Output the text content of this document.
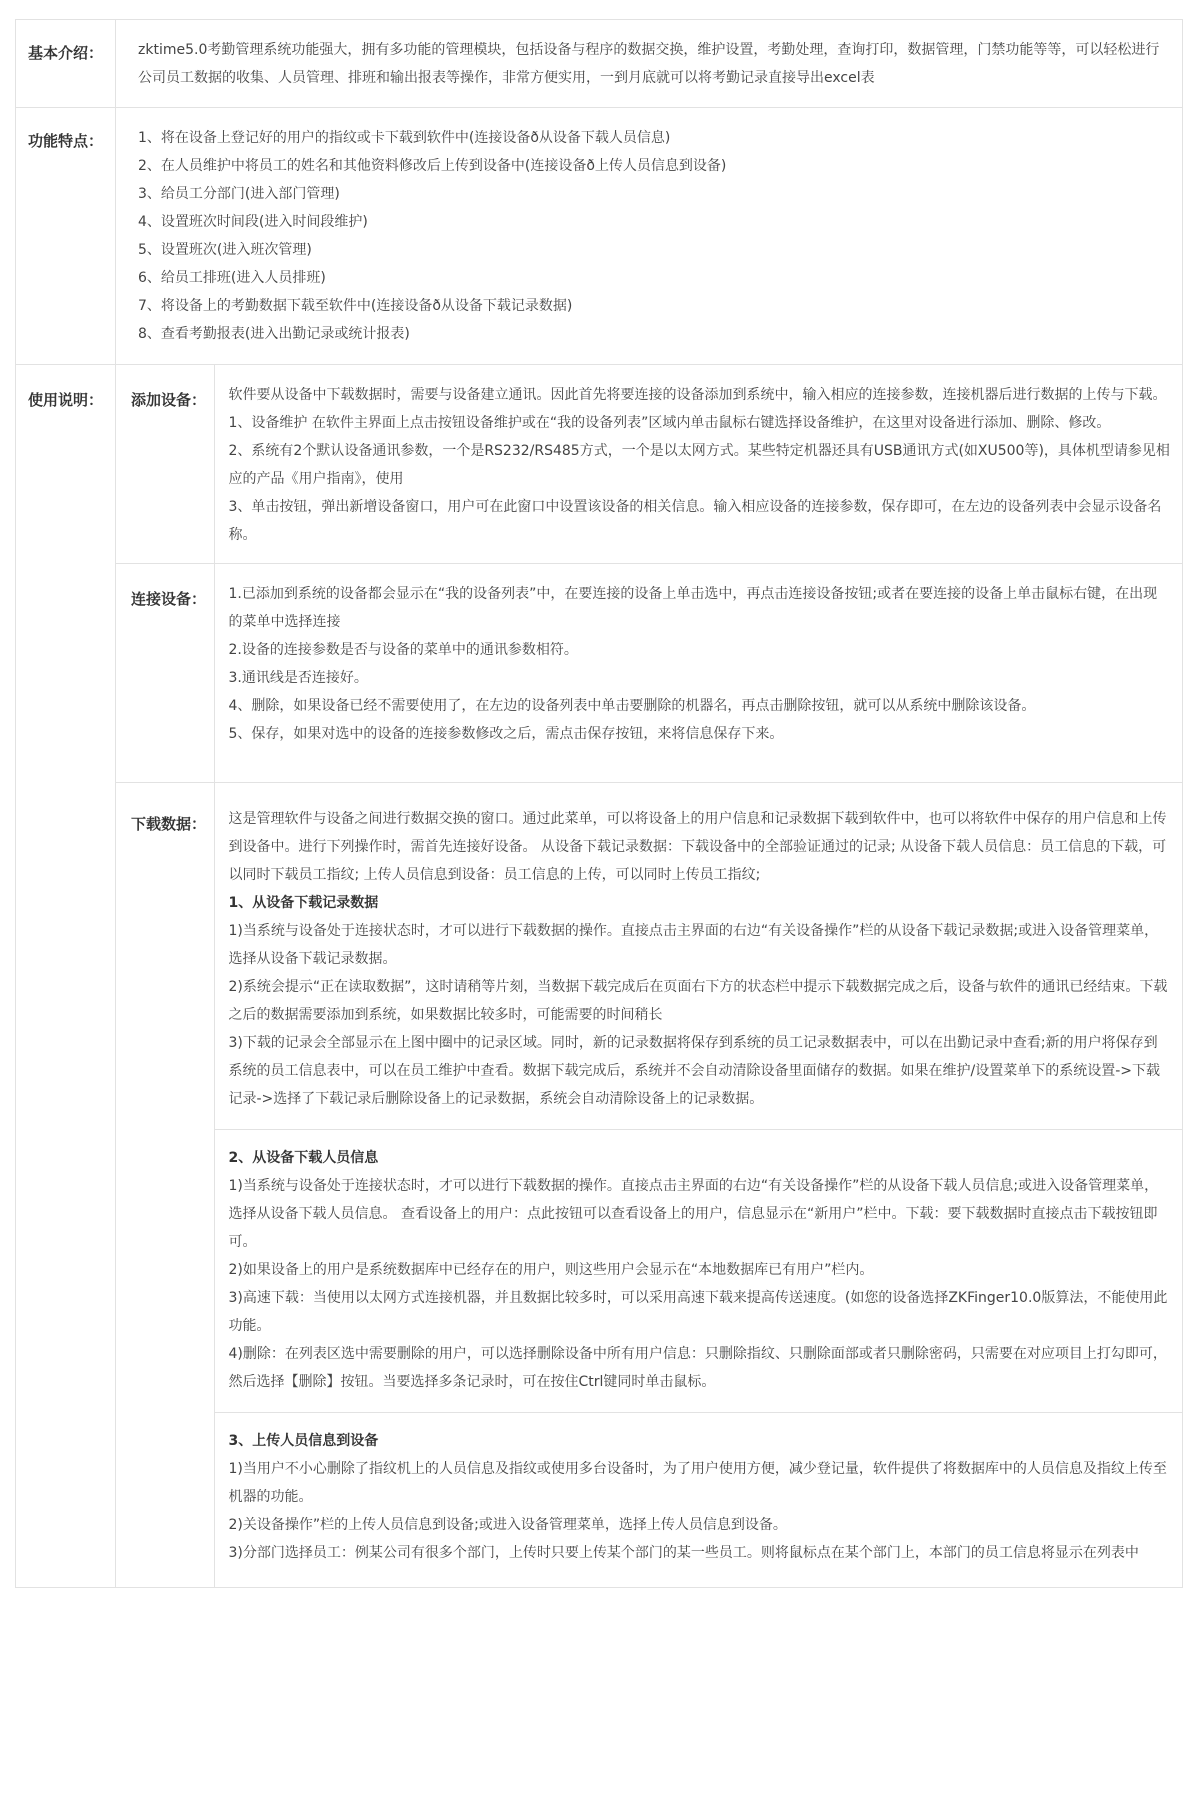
基本介绍：	zktime5.0考勤管理系统功能强大，拥有多功能的管理模块，包括设备与程序的数据交换，维护设置，考勤处理，查询打印，数据管理，门禁功能等等，可以轻松进行公司员工数据的收集、人员管理、排班和输出报表等操作，非常方便实用，一到月底就可以将考勤记录直接导出excel表

功能特点：	1、将在设备上登记好的用户的指纹或卡下载到软件中(连接设备ð从设备下载人员信息)
2、在人员维护中将员工的姓名和其他资料修改后上传到设备中(连接设备ð上传人员信息到设备)
3、给员工分部门(进入部门管理)
4、设置班次时间段(进入时间段维护)
5、设置班次(进入班次管理)
6、给员工排班(进入人员排班)
7、将设备上的考勤数据下载至软件中(连接设备ð从设备下载记录数据)
8、查看考勤报表(进入出勤记录或统计报表)

使用说明：	添加设备：	软件要从设备中下载数据时，需要与设备建立通讯。因此首先将要连接的设备添加到系统中，输入相应的连接参数，连接机器后进行数据的上传与下载。

1、设备维护 在软件主界面上点击按钮设备维护或在“我的设备列表”区域内单击鼠标右键选择设备维护，在这里对设备进行添加、删除、修改。

2、系统有2个默认设备通讯参数，一个是RS232/RS485方式，一个是以太网方式。某些特定机器还具有USB通讯方式(如XU500等)，具体机型请参见相应的产品《用户指南》，使用

3、单击按钮，弹出新增设备窗口，用户可在此窗口中设置该设备的相关信息。输入相应设备的连接参数，保存即可，在左边的设备列表中会显示设备名称。

连接设备：	1.已添加到系统的设备都会显示在“我的设备列表”中，在要连接的设备上单击选中，再点击连接设备按钮;或者在要连接的设备上单击鼠标右键，在出现的菜单中选择连接

2.设备的连接参数是否与设备的菜单中的通讯参数相符。

3.通讯线是否连接好。

4、删除，如果设备已经不需要使用了，在左边的设备列表中单击要删除的机器名，再点击删除按钮，就可以从系统中删除该设备。

5、保存，如果对选中的设备的连接参数修改之后，需点击保存按钮，来将信息保存下来。

下载数据：	这是管理软件与设备之间进行数据交换的窗口。通过此菜单，可以将设备上的用户信息和记录数据下载到软件中，也可以将软件中保存的用户信息和上传到设备中。进行下列操作时，需首先连接好设备。 从设备下载记录数据：下载设备中的全部验证通过的记录; 从设备下载人员信息：员工信息的下载，可以同时下载员工指纹; 上传人员信息到设备：员工信息的上传，可以同时上传员工指纹;

1、从设备下载记录数据

1)当系统与设备处于连接状态时，才可以进行下载数据的操作。直接点击主界面的右边“有关设备操作”栏的从设备下载记录数据;或进入设备管理菜单，选择从设备下载记录数据。

2)系统会提示“正在读取数据”，这时请稍等片刻，当数据下载完成后在页面右下方的状态栏中提示下载数据完成之后，设备与软件的通讯已经结束。下载之后的数据需要添加到系统，如果数据比较多时，可能需要的时间稍长

3)下载的记录会全部显示在上图中圈中的记录区域。同时，新的记录数据将保存到系统的员工记录数据表中，可以在出勤记录中查看;新的用户将保存到系统的员工信息表中，可以在员工维护中查看。数据下载完成后，系统并不会自动清除设备里面储存的数据。如果在维护/设置菜单下的系统设置->下载记录->选择了下载记录后删除设备上的记录数据，系统会自动清除设备上的记录数据。

2、从设备下载人员信息

1)当系统与设备处于连接状态时，才可以进行下载数据的操作。直接点击主界面的右边“有关设备操作”栏的从设备下载人员信息;或进入设备管理菜单，选择从设备下载人员信息。 查看设备上的用户：点此按钮可以查看设备上的用户，信息显示在“新用户”栏中。下载：要下载数据时直接点击下载按钮即可。

2)如果设备上的用户是系统数据库中已经存在的用户，则这些用户会显示在“本地数据库已有用户”栏内。

3)高速下载：当使用以太网方式连接机器，并且数据比较多时，可以采用高速下载来提高传送速度。(如您的设备选择ZKFinger10.0版算法，不能使用此功能。

4)删除：在列表区选中需要删除的用户，可以选择删除设备中所有用户信息：只删除指纹、只删除面部或者只删除密码，只需要在对应项目上打勾即可，然后选择【删除】按钮。当要选择多条记录时，可在按住Ctrl键同时单击鼠标。

3、上传人员信息到设备

1)当用户不小心删除了指纹机上的人员信息及指纹或使用多台设备时，为了用户使用方便，减少登记量，软件提供了将数据库中的人员信息及指纹上传至机器的功能。

2)关设备操作”栏的上传人员信息到设备;或进入设备管理菜单，选择上传人员信息到设备。

3)分部门选择员工：例某公司有很多个部门，上传时只要上传某个部门的某一些员工。则将鼠标点在某个部门上，本部门的员工信息将显示在列表中
